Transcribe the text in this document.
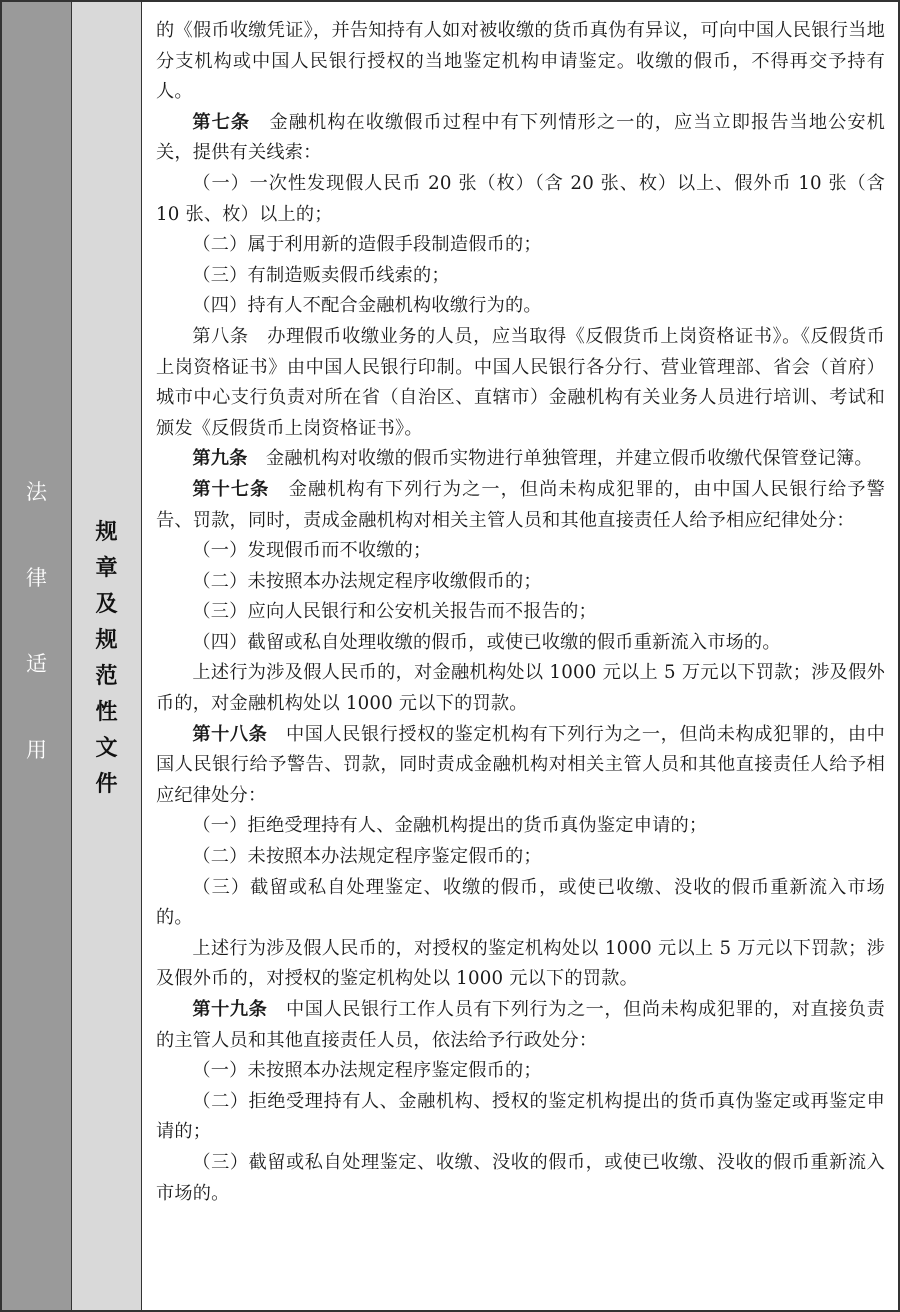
法
律
适
用
规
章
及
规
范
性
文
件

的《假币收缴凭证》，并告知持有人如对被收缴的货币真伪有异议，可向中国人民银行当地分支机构或中国人民银行授权的当地鉴定机构申请鉴定。收缴的假币，不得再交予持有人。

第七条　金融机构在收缴假币过程中有下列情形之一的，应当立即报告当地公安机关，提供有关线索：

（一）一次性发现假人民币 20 张（枚）（含 20 张、枚）以上、假外币 10 张（含 10 张、枚）以上的；

（二）属于利用新的造假手段制造假币的；

（三）有制造贩卖假币线索的；

（四）持有人不配合金融机构收缴行为的。

第八条　办理假币收缴业务的人员，应当取得《反假货币上岗资格证书》。《反假货币上岗资格证书》由中国人民银行印制。中国人民银行各分行、营业管理部、省会（首府）城市中心支行负责对所在省（自治区、直辖市）金融机构有关业务人员进行培训、考试和颁发《反假货币上岗资格证书》。

第九条　金融机构对收缴的假币实物进行单独管理，并建立假币收缴代保管登记簿。

第十七条　金融机构有下列行为之一，但尚未构成犯罪的，由中国人民银行给予警告、罚款，同时，责成金融机构对相关主管人员和其他直接责任人给予相应纪律处分：

（一）发现假币而不收缴的；

（二）未按照本办法规定程序收缴假币的；

（三）应向人民银行和公安机关报告而不报告的；

（四）截留或私自处理收缴的假币，或使已收缴的假币重新流入市场的。

上述行为涉及假人民币的，对金融机构处以 1000 元以上 5 万元以下罚款；涉及假外币的，对金融机构处以 1000 元以下的罚款。

第十八条　中国人民银行授权的鉴定机构有下列行为之一，但尚未构成犯罪的，由中国人民银行给予警告、罚款，同时责成金融机构对相关主管人员和其他直接责任人给予相应纪律处分：

（一）拒绝受理持有人、金融机构提出的货币真伪鉴定申请的；

（二）未按照本办法规定程序鉴定假币的；

（三）截留或私自处理鉴定、收缴的假币，或使已收缴、没收的假币重新流入市场的。

上述行为涉及假人民币的，对授权的鉴定机构处以 1000 元以上 5 万元以下罚款；涉及假外币的，对授权的鉴定机构处以 1000 元以下的罚款。

第十九条　中国人民银行工作人员有下列行为之一，但尚未构成犯罪的，对直接负责的主管人员和其他直接责任人员，依法给予行政处分：

（一）未按照本办法规定程序鉴定假币的；

（二）拒绝受理持有人、金融机构、授权的鉴定机构提出的货币真伪鉴定或再鉴定申请的；

（三）截留或私自处理鉴定、收缴、没收的假币，或使已收缴、没收的假币重新流入市场的。
